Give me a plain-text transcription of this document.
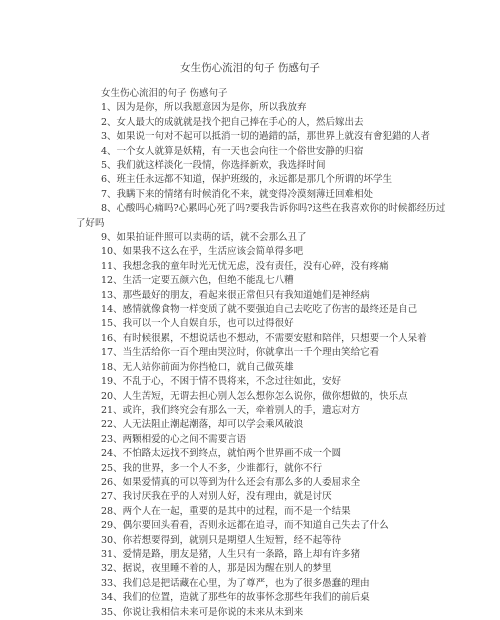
女生伤心流泪的句子 伤感句子
女生伤心流泪的句子 伤感句子
1、因为是你，所以我愿意因为是你，所以我放弃
2、女人最大的成就就是找个把自己捧在手心的人，然后嫁出去
3、如果说一句对不起可以抵消一切的過錯的話，那世界上就沒有會犯錯的人者
4、一个女人就算是妖精，有一天也会向往一个俗世安静的归宿
5、我们就这样淡化一段情，你选择新欢，我选择时间
6、班主任永远都不知道，保护班级的，永远都是那几个所谓的坏学生
7、我瞒下来的情绪有时候消化不来，就变得冷漠刻薄迁回难相处
8、心酸吗心痛吗?心累吗心死了吗?要我告诉你吗?这些在我喜欢你的时候都经历过
了好吗
9、如果拍证件照可以卖萌的话，就不会那么丑了
10、如果我不这么在乎，生活应该会简单得多吧
11、我想念我的童年时光无忧无虑，没有责任，没有心碎，没有疼痛
12、生活一定要五颜六色，但绝不能乱七八糟
13、那些最好的朋友，看起来很正常但只有我知道她们是神经病
14、感情就像食物一样变质了就不要强迫自己去吃吃了伤害的最终还是自己
15、我可以一个人自娱自乐，也可以过得很好
16、有时候很累，不想说话也不想动，不需要安慰和陪伴，只想要一个人呆着
17、当生活给你一百个理由哭泣时，你就拿出一千个理由笑给它看
18、无人站你前面为你挡枪口，就自己做英雄
19、不乱于心，不困于情不畏将来，不念过往如此，安好
20、人生苦短，无谓去担心别人怎么想你怎么说你，做你想做的，快乐点
21、或许，我们终究会有那么一天，牵着别人的手，遗忘对方
22、人无法阻止潮起潮落，却可以学会乘风破浪
23、两颗相爱的心之间不需要言语
24、不怕路太远找不到终点，就怕两个世界画不成一个圆
25、我的世界，多一个人不多，少谁都行，就你不行
26、如果爱情真的可以等到为什么还会有那么多的人委屈求全
27、我讨厌我在乎的人对别人好，没有理由，就是讨厌
28、两个人在一起，重要的是其中的过程，而不是一个结果
29、偶尔要回头看看，否则永远都在追寻，而不知道自己失去了什么
30、你若想要得到，就别只是期望人生短暂，经不起等待
31、爱情是路，朋友是猪，人生只有一条路，路上却有许多猪
32、据说，夜里睡不着的人，那是因为醒在别人的梦里
33、我们总是把话藏在心里，为了尊严，也为了很多愚蠢的理由
34、我们的位置，造就了那些年的故事怀念那些年我们的前后桌
35、你说让我相信未来可是你说的未来从未到来
